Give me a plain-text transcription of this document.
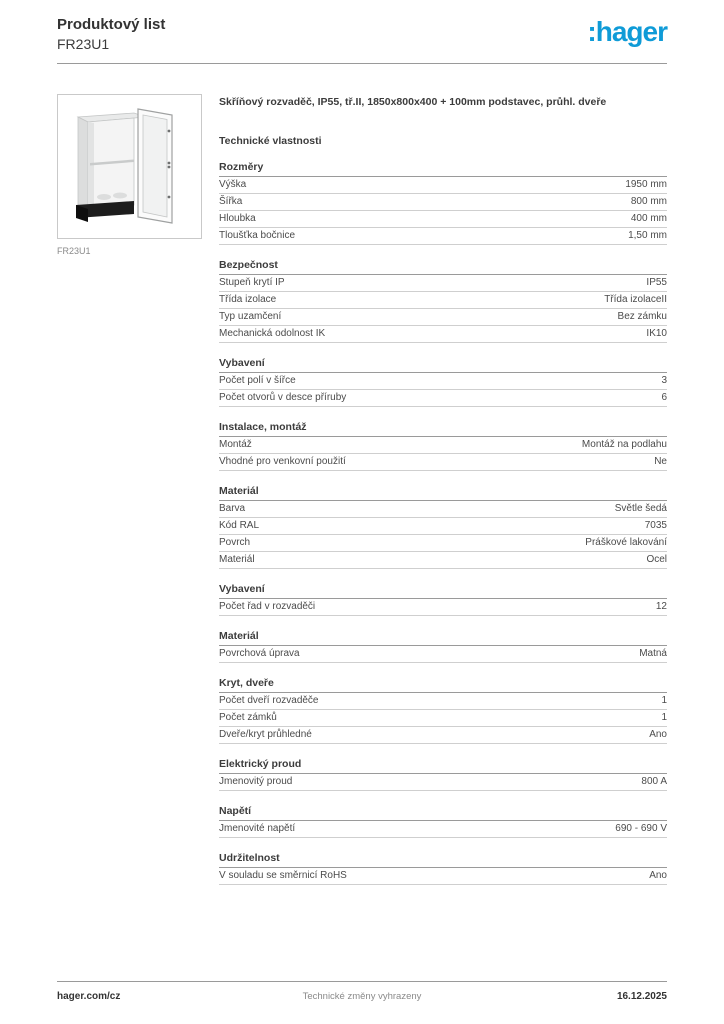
Produktový list
FR23U1	:hager
FR23U1
Skříňový rozvaděč, IP55, tř.II, 1850x800x400 + 100mm podstavec, průhl. dveře
Technické vlastnosti
Rozměry
Výška	1950 mm
Šířka	800 mm
Hloubka	400 mm
Tloušťka bočnice	1,50 mm
Bezpečnost
Stupeň krytí IP	IP55
Třída izolace	Třída izolaceII
Typ uzamčení	Bez zámku
Mechanická odolnost IK	IK10
Vybavení
Počet polí v šířce	3
Počet otvorů v desce příruby	6
Instalace, montáž
Montáž	Montáž na podlahu
Vhodné pro venkovní použití	Ne
Materiál
Barva	Světle šedá
Kód RAL	7035
Povrch	Práškové lakování
Materiál	Ocel
Vybavení
Počet řad v rozvaděči	12
Materiál
Povrchová úprava	Matná
Kryt, dveře
Počet dveří rozvaděče	1
Počet zámků	1
Dveře/kryt průhledné	Ano
Elektrický proud
Jmenovitý proud	800 A
Napětí
Jmenovité napětí	690 - 690 V
Udržitelnost
V souladu se směrnicí RoHS	Ano
hager.com/cz	Technické změny vyhrazeny	16.12.2025
